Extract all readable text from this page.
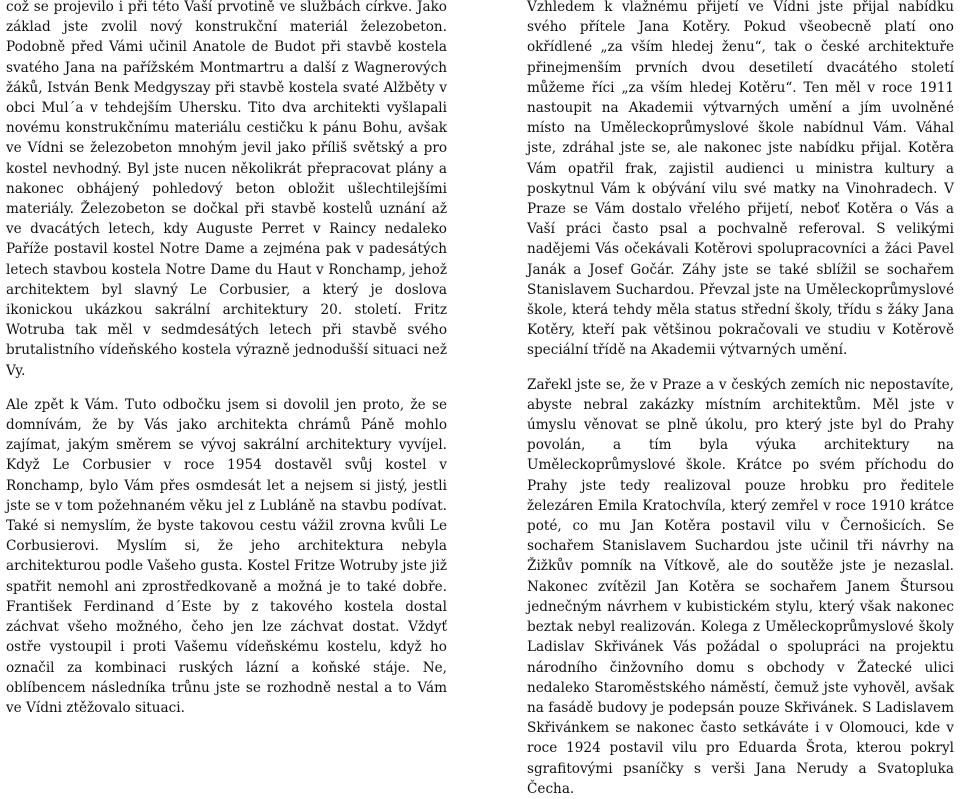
což se projevilo i při této Vaší prvotině ve službách církve. Jako základ jste zvolil nový konstrukční materiál železobeton. Podobně před Vámi učinil Anatole de Budot při stavbě kostela svatého Jana na pařížském Montmartru a další z Wagnerových žáků, István Benk Medgyszay při stavbě kostela svaté Alžběty v obci Mul´a v tehdejším Uhersku. Tito dva architekti vyšlapali novému konstrukčnímu materiálu cestičku k pánu Bohu, avšak ve Vídni se železobeton mnohým jevil jako příliš světský a pro kostel nevhodný. Byl jste nucen několikrát přepracovat plány a nakonec obhájený pohledový beton obložit ušlechtilejšími materiály. Železobeton se dočkal při stavbě kostelů uznání až ve dvacátých letech, kdy Auguste Perret v Raincy nedaleko Paříže postavil kostel Notre Dame a zejména pak v padesátých letech stavbou kostela Notre Dame du Haut v Ronchamp, jehož architektem byl slavný Le Corbusier, a který je doslova ikonickou ukázkou sakrální architektury 20. století. Fritz Wotruba tak měl v sedmdesátých letech při stavbě svého brutalistního vídeňského kostela výrazně jednodušší situaci než Vy.

Ale zpět k Vám. Tuto odbočku jsem si dovolil jen proto, že se domnívám, že by Vás jako architekta chrámů Páně mohlo zajímat, jakým směrem se vývoj sakrální architektury vyvíjel. Když Le Corbusier v roce 1954 dostavěl svůj kostel v Ronchamp, bylo Vám přes osmdesát let a nejsem si jistý, jestli jste se v tom požehnaném věku jel z Lubláně na stavbu podívat. Také si nemyslím, že byste takovou cestu vážil zrovna kvůli Le Corbusierovi. Myslím si, že jeho architektura nebyla architekturou podle Vašeho gusta. Kostel Fritze Wotruby jste již spatřit nemohl ani zprostředkovaně a možná je to také dobře. František Ferdinand d´Este by z takového kostela dostal záchvat všeho možného, čeho jen lze záchvat dostat. Vždyť ostře vystoupil i proti Vašemu vídeňskému kostelu, když ho označil za kombinaci ruských lázní a koňské stáje. Ne, oblíbencem následníka trůnu jste se rozhodně nestal a to Vám ve Vídni ztěžovalo situaci.

Vzhledem k vlažnému přijetí ve Vídni jste přijal nabídku svého přítele Jana Kotěry. Pokud všeobecně platí ono okřídlené „za vším hledej ženu“, tak o české architektuře přinejmenším prvních dvou desetiletí dvacátého století můžeme říci „za vším hledej Kotěru“. Ten měl v roce 1911 nastoupit na Akademii výtvarných umění a jím uvolněné místo na Uměleckoprůmyslové škole nabídnul Vám. Váhal jste, zdráhal jste se, ale nakonec jste nabídku přijal. Kotěra Vám opatřil frak, zajistil audienci u ministra kultury a poskytnul Vám k obývání vilu své matky na Vinohradech. V Praze se Vám dostalo vřelého přijetí, neboť Kotěra o Vás a Vaší práci často psal a pochvalně referoval. S velikými nadějemi Vás očekávali Kotěrovi spolupracovníci a žáci Pavel Janák a Josef Gočár. Záhy jste se také sblížil se sochařem Stanislavem Suchardou. Převzal jste na Uměleckoprůmyslové škole, která tehdy měla status střední školy, třídu s žáky Jana Kotěry, kteří pak většinou pokračovali ve studiu v Kotěrově speciální třídě na Akademii výtvarných umění.

Zařekl jste se, že v Praze a v českých zemích nic nepostavíte, abyste nebral zakázky místním architektům. Měl jste v úmyslu věnovat se plně úkolu, pro který jste byl do Prahy povolán, a tím byla výuka architektury na Uměleckoprůmyslové škole. Krátce po svém příchodu do Prahy jste tedy realizoval pouze hrobku pro ředitele železáren Emila Kratochvíla, který zemřel v roce 1910 krátce poté, co mu Jan Kotěra postavil vilu v Černošicích. Se sochařem Stanislavem Suchardou jste učinil tři návrhy na Žižkův pomník na Vítkově, ale do soutěže jste je nezaslal. Nakonec zvítězil Jan Kotěra se sochařem Janem Štursou jednečným návrhem v kubistickém stylu, který však nakonec beztak nebyl realizován. Kolega z Uměleckoprůmyslové školy Ladislav Skřivánek Vás požádal o spolupráci na projektu národního činžovního domu s obchody v Žatecké ulici nedaleko Staroměstského náměstí, čemuž jste vyhověl, avšak na fasádě budovy je podepsán pouze Skřivánek. S Ladislavem Skřivánkem se nakonec často setkáváte i v Olomouci, kde v roce 1924 postavil vilu pro Eduarda Šrota, kterou pokryl sgrafitovými psaníčky s verši Jana Nerudy a Svatopluka Čecha.
